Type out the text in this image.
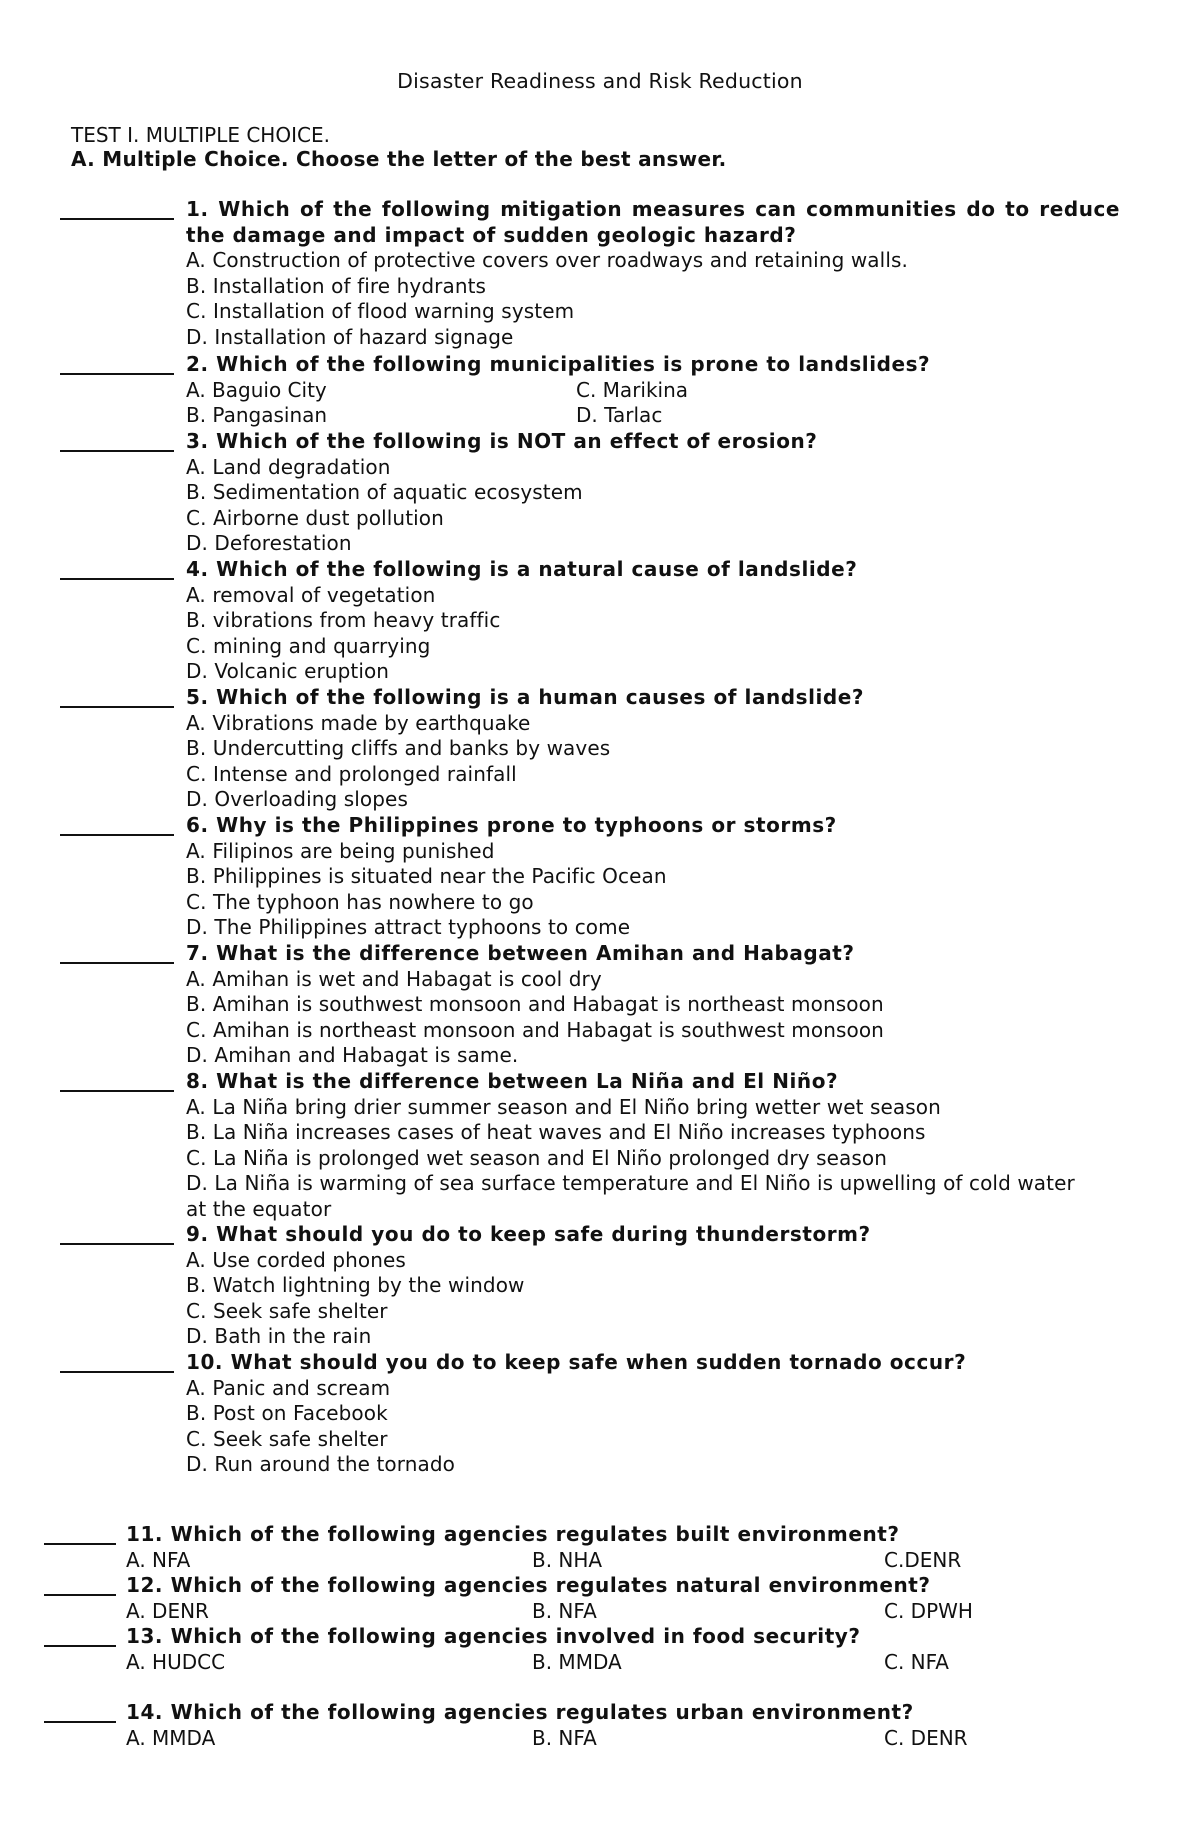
Disaster Readiness and Risk Reduction
TEST I. MULTIPLE CHOICE.
A. Multiple Choice. Choose the letter of the best answer.
1. Which of the following mitigation measures can communities do to reduce the damage and impact of sudden geologic hazard?
A. Construction of protective covers over roadways and retaining walls.
B. Installation of fire hydrants
C. Installation of flood warning system
D. Installation of hazard signage
2. Which of the following municipalities is prone to landslides?
A. Baguio City	C. Marikina
B. Pangasinan	D. Tarlac
3. Which of the following is NOT an effect of erosion?
A. Land degradation
B. Sedimentation of aquatic ecosystem
C. Airborne dust pollution
D. Deforestation
4. Which of the following is a natural cause of landslide?
A. removal of vegetation
B. vibrations from heavy traffic
C. mining and quarrying
D. Volcanic eruption
5. Which of the following is a human causes of landslide?
A. Vibrations made by earthquake
B. Undercutting cliffs and banks by waves
C. Intense and prolonged rainfall
D. Overloading slopes
6. Why is the Philippines prone to typhoons or storms?
A. Filipinos are being punished
B. Philippines is situated near the Pacific Ocean
C. The typhoon has nowhere to go
D. The Philippines attract typhoons to come
7. What is the difference between Amihan and Habagat?
A. Amihan is wet and Habagat is cool dry
B. Amihan is southwest monsoon and Habagat is northeast monsoon
C. Amihan is northeast monsoon and Habagat is southwest monsoon
D. Amihan and Habagat is same.
8. What is the difference between La Niña and El Niño?
A. La Niña bring drier summer season and El Niño bring wetter wet season
B. La Niña increases cases of heat waves and El Niño increases typhoons
C. La Niña is prolonged wet season and El Niño prolonged dry season
D. La Niña is warming of sea surface temperature and El Niño is upwelling of cold water at the equator
9. What should you do to keep safe during thunderstorm?
A. Use corded phones
B. Watch lightning by the window
C. Seek safe shelter
D. Bath in the rain
10. What should you do to keep safe when sudden tornado occur?
A. Panic and scream
B. Post on Facebook
C. Seek safe shelter
D. Run around the tornado
11. Which of the following agencies regulates built environment?
A. NFA	B. NHA	C.DENR
12. Which of the following agencies regulates natural environment?
A. DENR	B. NFA	C. DPWH
13. Which of the following agencies involved in food security?
A. HUDCC	B. MMDA	C. NFA
14. Which of the following agencies regulates urban environment?
A. MMDA	B. NFA	C. DENR
